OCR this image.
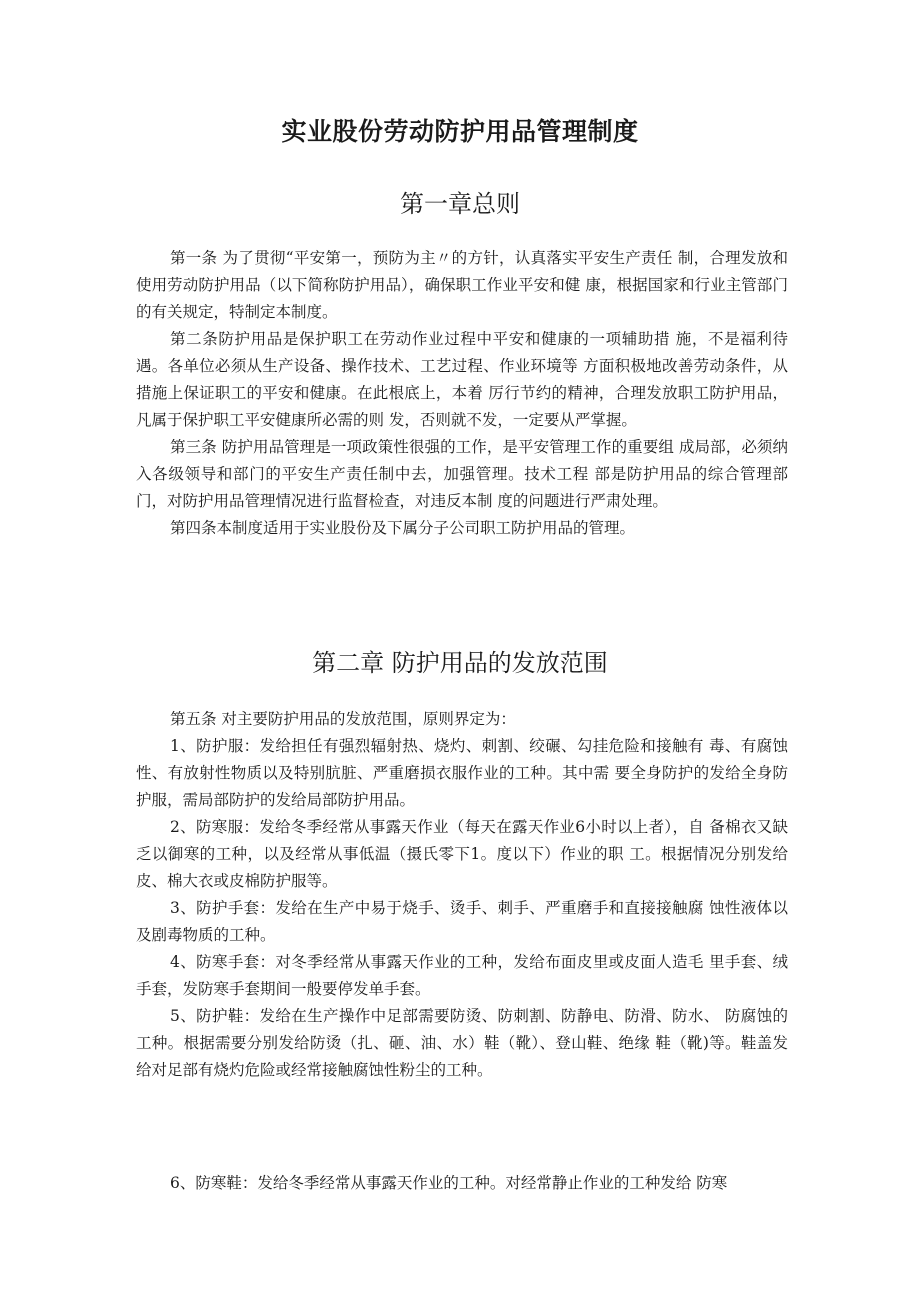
实业股份劳动防护用品管理制度
第一章总则

第一条 为了贯彻“平安第一，预防为主〃的方针，认真落实平安生产责任 制，合理发放和使用劳动防护用品（以下简称防护用品），确保职工作业平安和健 康，根据国家和行业主管部门的有关规定，特制定本制度。

第二条防护用品是保护职工在劳动作业过程中平安和健康的一项辅助措 施，不是福利待遇。各单位必须从生产设备、操作技术、工艺过程、作业环境等 方面积极地改善劳动条件，从措施上保证职工的平安和健康。在此根底上，本着 厉行节约的精神，合理发放职工防护用品，凡属于保护职工平安健康所必需的则 发，否则就不发，一定要从严掌握。

第三条 防护用品管理是一项政策性很强的工作，是平安管理工作的重要组 成局部，必须纳入各级领导和部门的平安生产责任制中去，加强管理。技术工程 部是防护用品的综合管理部门，对防护用品管理情况进行监督检查，对违反本制 度的问题进行严肃处理。

第四条本制度适用于实业股份及下属分子公司职工防护用品的管理。

第二章 防护用品的发放范围

第五条 对主要防护用品的发放范围，原则界定为：

1、防护服：发给担任有强烈辐射热、烧灼、刺割、绞碾、勾挂危险和接触有 毒、有腐蚀性、有放射性物质以及特别肮脏、严重磨损衣服作业的工种。其中需 要全身防护的发给全身防护服，需局部防护的发给局部防护用品。

2、防寒服：发给冬季经常从事露天作业（每天在露天作业6小时以上者），自 备棉衣又缺乏以御寒的工种，以及经常从事低温（摄氏零下1。度以下）作业的职 工。根据情况分别发给皮、棉大衣或皮棉防护服等。

3、防护手套：发给在生产中易于烧手、烫手、刺手、严重磨手和直接接触腐 蚀性液体以及剧毒物质的工种。

4、防寒手套：对冬季经常从事露天作业的工种，发给布面皮里或皮面人造毛 里手套、绒手套，发防寒手套期间一般要停发单手套。

5、防护鞋：发给在生产操作中足部需要防烫、防刺割、防静电、防滑、防水、 防腐蚀的工种。根据需要分别发给防烫（扎、砸、油、水）鞋（靴）、登山鞋、绝缘 鞋（靴)等。鞋盖发给对足部有烧灼危险或经常接触腐蚀性粉尘的工种。

6、防寒鞋：发给冬季经常从事露天作业的工种。对经常静止作业的工种发给 防寒
